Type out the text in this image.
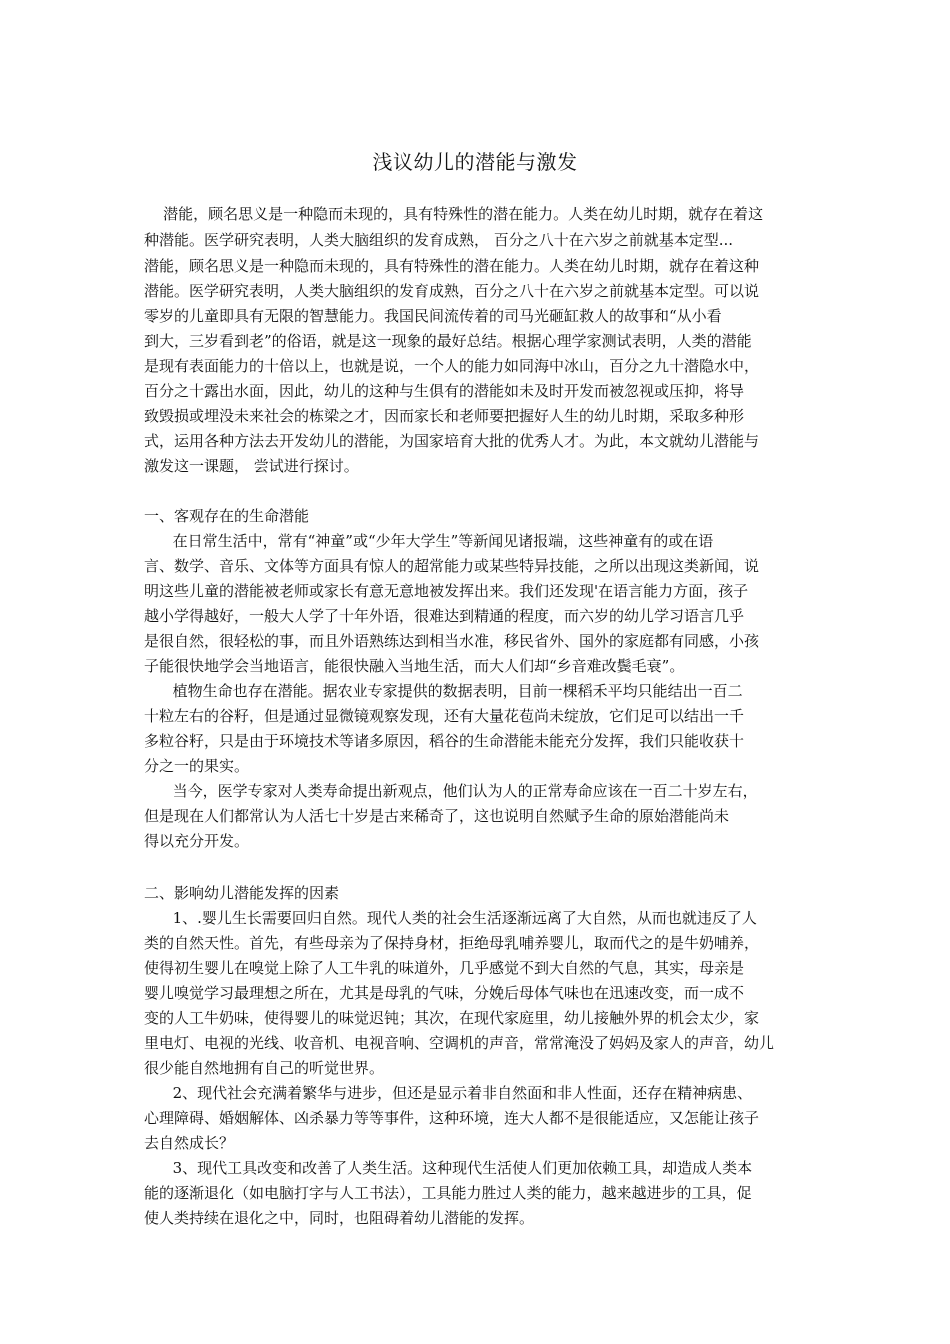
浅议幼儿的潜能与激发
潜能，顾名思义是一种隐而未现的，具有特殊性的潜在能力。人类在幼儿时期，就存在着这
种潜能。医学研究表明，人类大脑组织的发育成熟， 百分之八十在六岁之前就基本定型...
潜能，顾名思义是一种隐而未现的，具有特殊性的潜在能力。人类在幼儿时期，就存在着这种
潜能。医学研究表明，人类大脑组织的发育成熟，百分之八十在六岁之前就基本定型。可以说
零岁的儿童即具有无限的智慧能力。我国民间流传着的司马光砸缸救人的故事和“从小看
到大，三岁看到老”的俗语，就是这一现象的最好总结。根据心理学家测试表明，人类的潜能
是现有表面能力的十倍以上，也就是说，一个人的能力如同海中冰山，百分之九十潜隐水中，
百分之十露出水面，因此，幼儿的这种与生俱有的潜能如未及时开发而被忽视或压抑，将导
致毁损或埋没未来社会的栋梁之才，因而家长和老师要把握好人生的幼儿时期，采取多种形
式，运用各种方法去开发幼儿的潜能，为国家培育大批的优秀人才。为此，本文就幼儿潜能与
激发这一课题， 尝试进行探讨。
一、客观存在的生命潜能
在日常生活中，常有“神童”或“少年大学生”等新闻见诸报端，这些神童有的或在语
言、数学、音乐、文体等方面具有惊人的超常能力或某些特异技能，之所以出现这类新闻，说
明这些儿童的潜能被老师或家长有意无意地被发挥出来。我们还发现'在语言能力方面，孩子
越小学得越好，一般大人学了十年外语，很难达到精通的程度，而六岁的幼儿学习语言几乎
是很自然，很轻松的事，而且外语熟练达到相当水准，移民省外、国外的家庭都有同感，小孩
子能很快地学会当地语言，能很快融入当地生活，而大人们却“乡音难改鬓毛衰”。
植物生命也存在潜能。据农业专家提供的数据表明，目前一棵稻禾平均只能结出一百二
十粒左右的谷籽，但是通过显微镜观察发现，还有大量花苞尚未绽放，它们足可以结出一千
多粒谷籽，只是由于环境技术等诸多原因，稻谷的生命潜能未能充分发挥，我们只能收获十
分之一的果实。
当今，医学专家对人类寿命提出新观点，他们认为人的正常寿命应该在一百二十岁左右，
但是现在人们都常认为人活七十岁是古来稀奇了，这也说明自然赋予生命的原始潜能尚未
得以充分开发。
二、影响幼儿潜能发挥的因素
1、.婴儿生长需要回归自然。现代人类的社会生活逐渐远离了大自然，从而也就违反了人
类的自然天性。首先，有些母亲为了保持身材，拒绝母乳哺养婴儿，取而代之的是牛奶哺养，
使得初生婴儿在嗅觉上除了人工牛乳的味道外，几乎感觉不到大自然的气息，其实，母亲是
婴儿嗅觉学习最理想之所在，尤其是母乳的气味，分娩后母体气味也在迅速改变，而一成不
变的人工牛奶味，使得婴儿的味觉迟钝；其次，在现代家庭里，幼儿接触外界的机会太少，家
里电灯、电视的光线、收音机、电视音响、空调机的声音，常常淹没了妈妈及家人的声音，幼儿
很少能自然地拥有自己的听觉世界。
2、现代社会充满着繁华与进步，但还是显示着非自然面和非人性面，还存在精神病患、
心理障碍、婚姻解体、凶杀暴力等等事件，这种环境，连大人都不是很能适应，又怎能让孩子
去自然成长？
3、现代工具改变和改善了人类生活。这种现代生活使人们更加依赖工具，却造成人类本
能的逐渐退化（如电脑打字与人工书法），工具能力胜过人类的能力，越来越进步的工具，促
使人类持续在退化之中，同时，也阻碍着幼儿潜能的发挥。
